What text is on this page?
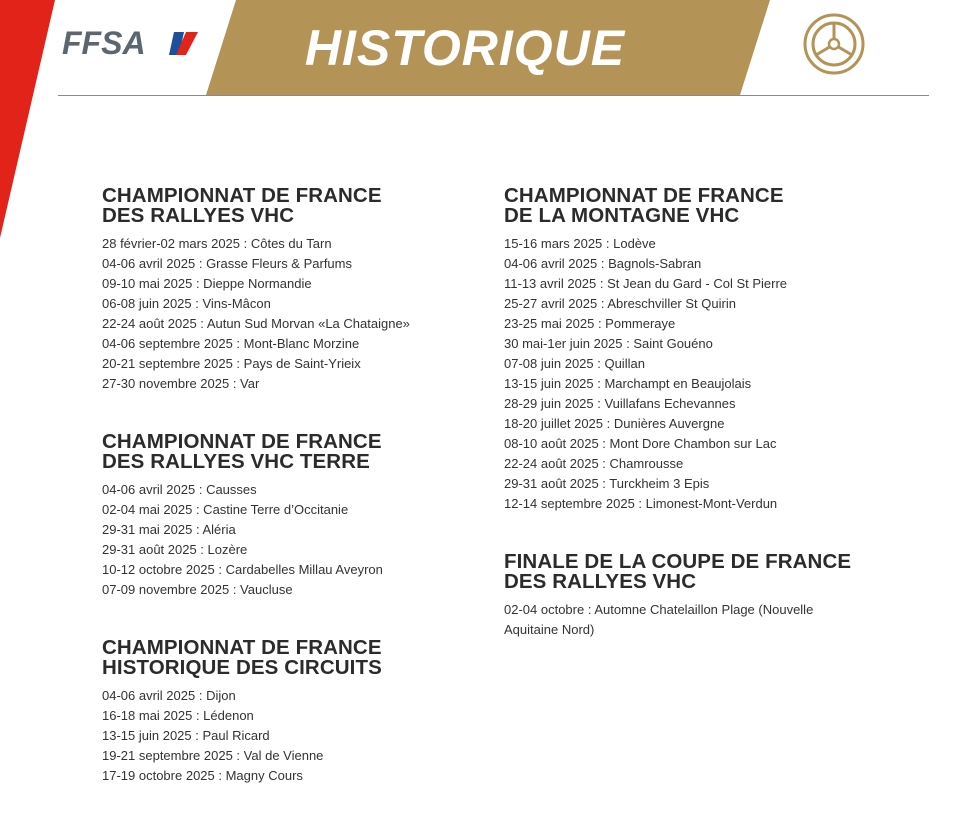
FFSA	HISTORIQUE
CHAMPIONNAT DE FRANCE
DES RALLYES VHC
28 février-02 mars 2025 : Côtes du Tarn
04-06 avril 2025 : Grasse Fleurs & Parfums
09-10 mai 2025 : Dieppe Normandie
06-08 juin 2025 : Vins-Mâcon
22-24 août 2025 : Autun Sud Morvan «La Chataigne»
04-06 septembre 2025 : Mont-Blanc Morzine
20-21 septembre 2025 : Pays de Saint-Yrieix
27-30 novembre 2025 : Var
CHAMPIONNAT DE FRANCE
DES RALLYES VHC TERRE
04-06 avril 2025 : Causses
02-04 mai 2025 : Castine Terre d’Occitanie
29-31 mai 2025 : Aléria
29-31 août 2025 : Lozère
10-12 octobre 2025 : Cardabelles Millau Aveyron
07-09 novembre 2025 : Vaucluse
CHAMPIONNAT DE FRANCE
HISTORIQUE DES CIRCUITS
04-06 avril 2025 : Dijon
16-18 mai 2025 : Lédenon
13-15 juin 2025 : Paul Ricard
19-21 septembre 2025 : Val de Vienne
17-19 octobre 2025 : Magny Cours
CHAMPIONNAT DE FRANCE
DE LA MONTAGNE VHC
15-16 mars 2025 : Lodève
04-06 avril 2025 : Bagnols-Sabran
11-13 avril 2025 : St Jean du Gard - Col St Pierre
25-27 avril 2025 : Abreschviller St Quirin
23-25 mai 2025 : Pommeraye
30 mai-1er juin 2025 : Saint Gouéno
07-08 juin 2025 : Quillan
13-15 juin 2025 : Marchampt en Beaujolais
28-29 juin 2025 : Vuillafans Echevannes
18-20 juillet 2025 : Dunières Auvergne
08-10 août 2025 : Mont Dore Chambon sur Lac
22-24 août 2025 : Chamrousse
29-31 août 2025 : Turckheim 3 Epis
12-14 septembre 2025 : Limonest-Mont-Verdun
FINALE DE LA COUPE DE FRANCE
DES RALLYES VHC
02-04 octobre : Automne Chatelaillon Plage (Nouvelle Aquitaine Nord)
